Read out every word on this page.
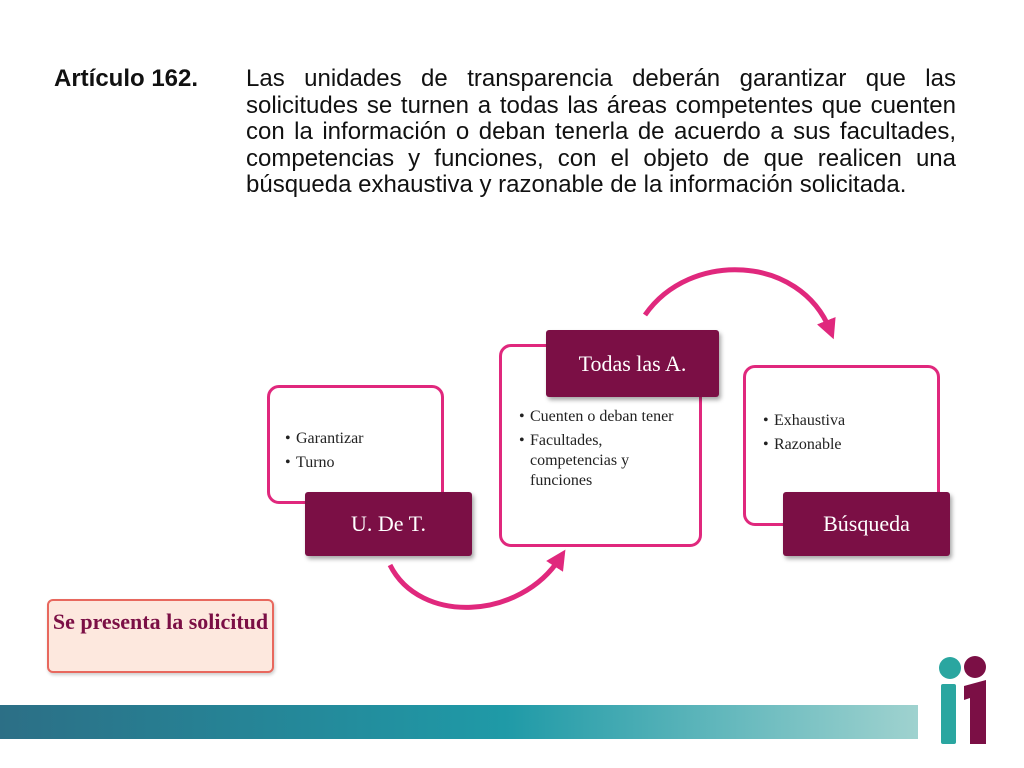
Artículo 162.	Las unidades de transparencia deberán garantizar que las solicitudes se turnen a todas las áreas competentes que cuenten con la información o deban tenerla de acuerdo a sus facultades, competencias y funciones, con el objeto de que realicen una búsqueda exhaustiva y razonable de la información solicitada.
• Garantizar
• Turno
U. De T.
Todas las A.
• Cuenten o deban tener
• Facultades, competencias y funciones
• Exhaustiva
• Razonable
Búsqueda
Se presenta la solicitud
